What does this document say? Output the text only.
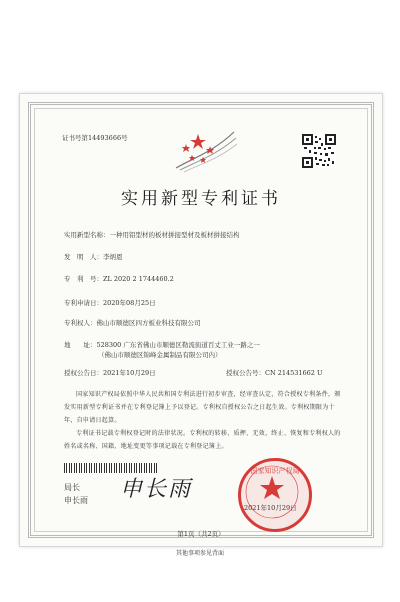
证书号第14493666号
实用新型专利证书
实用新型名称：一种用铝型材的板材拼接型材及板材拼接结构
发　明　人：李炳恩
专　利　号：ZL 2020 2 1744460.2
专利申请日：2020年08月25日
专利权人：佛山市顺德区四方板业科技有限公司
地　　址：528300 广东省佛山市顺德区勒流街道百丈工业一路之一
（佛山市顺德区锦峰金属制品有限公司内）
授权公告日：2021年10月29日	授权公告号：CN 214531662 U
国家知识产权局依照中华人民共和国专利法进行初步审查，经审查认定，符合授权专利条件，颁发实用新型专利证书并在专利登记簿上予以登记。专利权自授权公告之日起生效。专利权期限为十年，自申请日起算。
专利证书记载专利权登记时的法律状况。专利权的转移、质押、无效、终止、恢复和专利权人的姓名或名称、国籍、地址变更等事项记载在专利登记簿上。
局长
申长雨 申长雨
国家知识产权局
2021年10月29日
第1页（共2页）
其他事项参见背面
